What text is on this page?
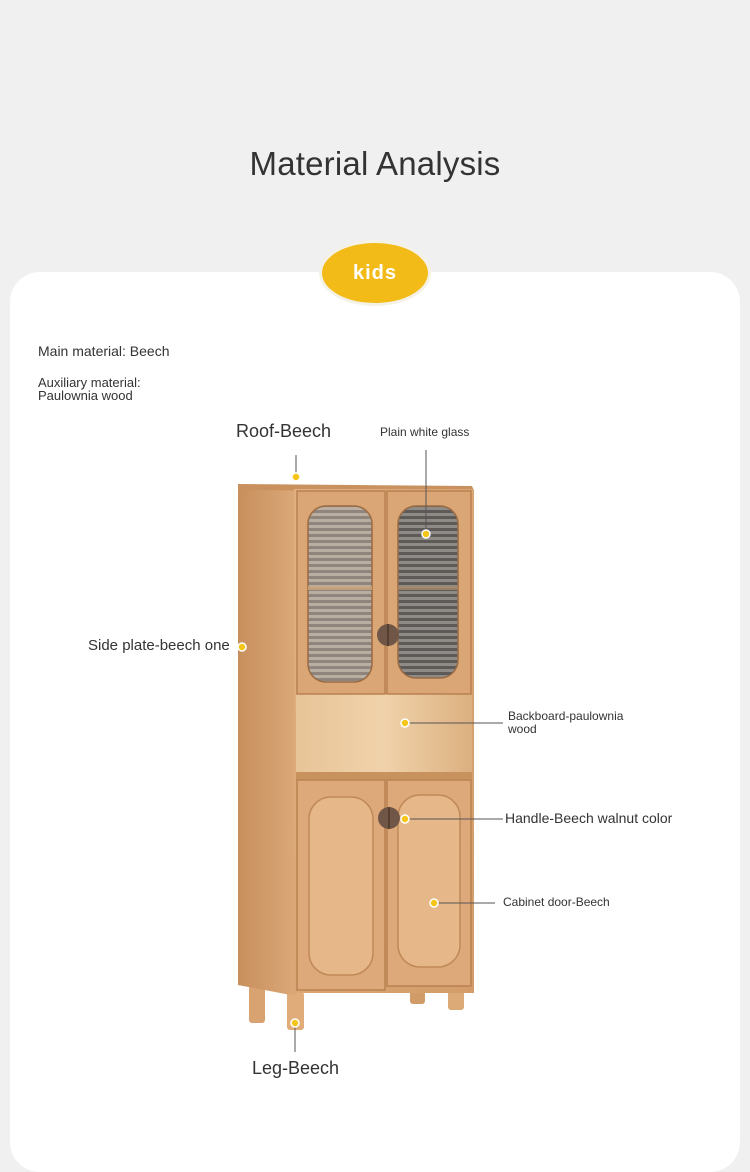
Material Analysis
kids
Main material: Beech
Auxiliary material:
Paulownia wood
Roof-Beech	Plain white glass
Side plate-beech one
Backboard-paulownia
wood
Handle-Beech walnut color
Cabinet door-Beech
Leg-Beech
